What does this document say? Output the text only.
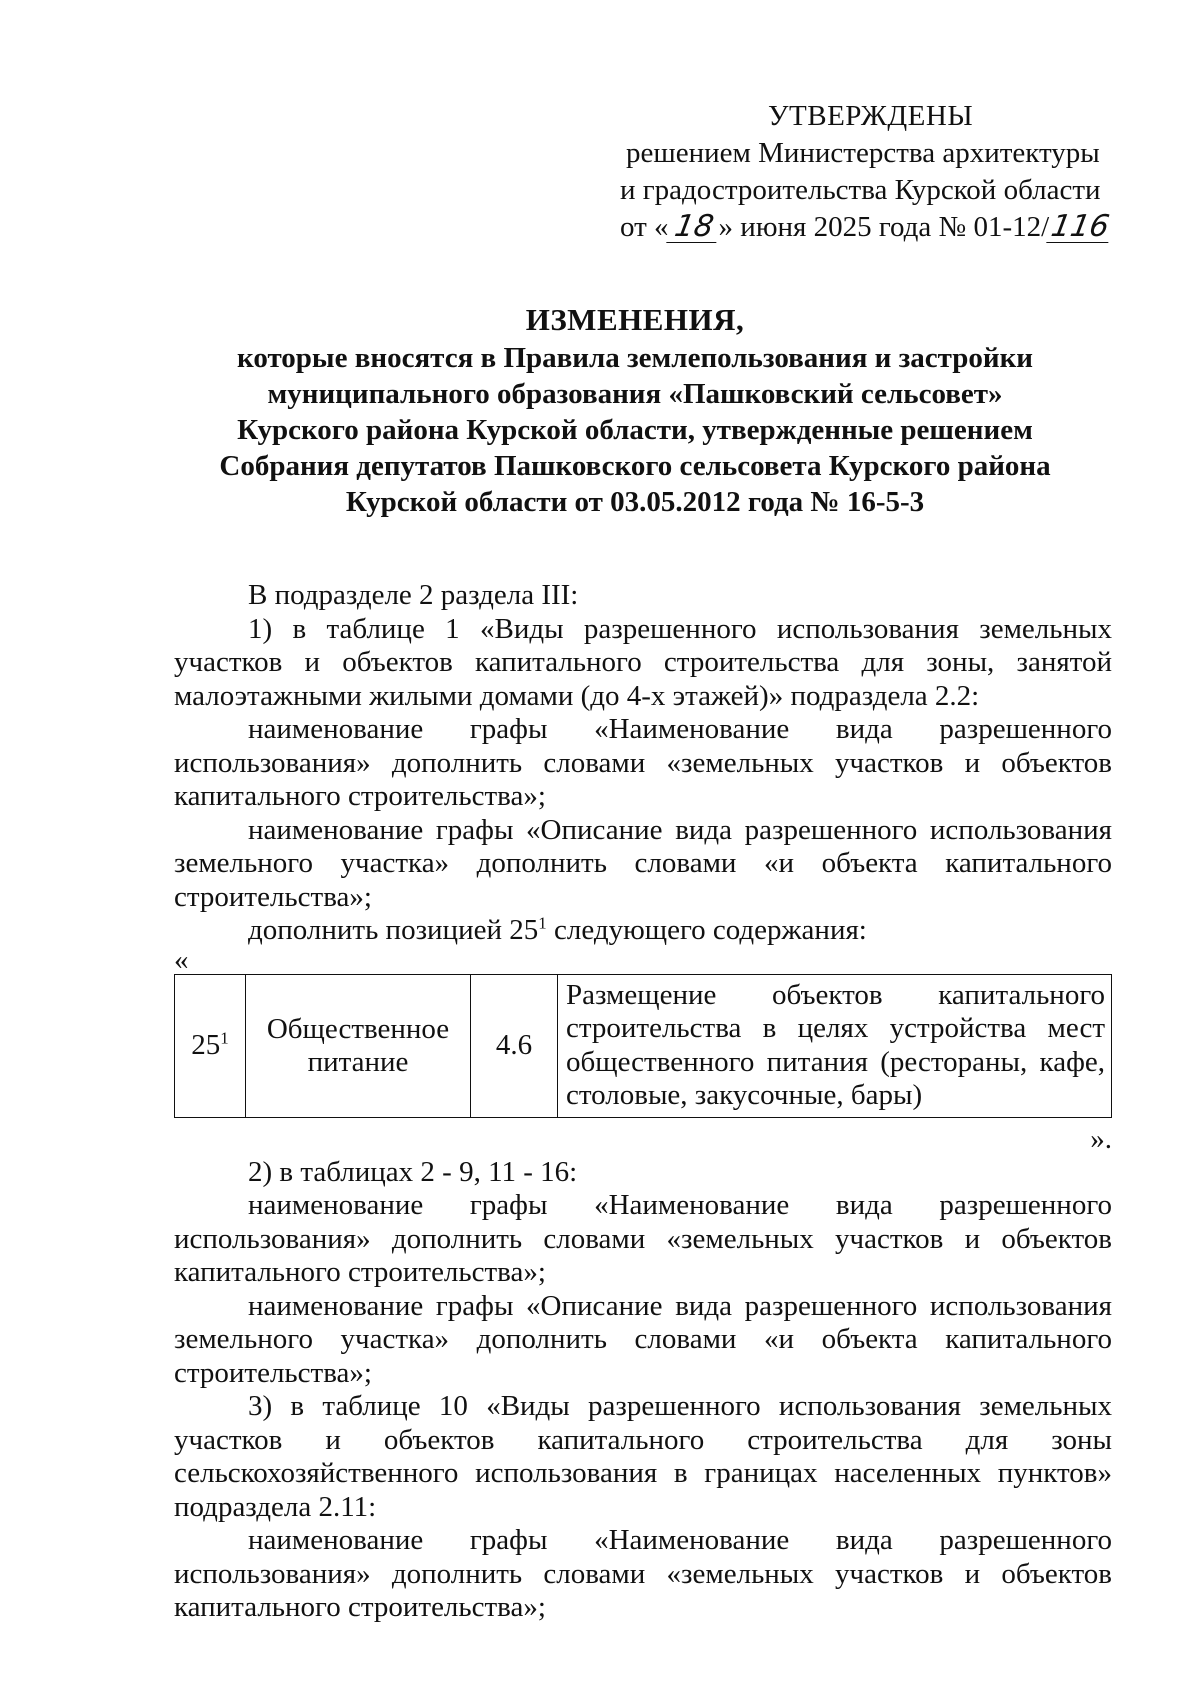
УТВЕРЖДЕНЫ
решением Министерства архитектуры
и градостроительства Курской области
от «18» июня 2025 года № 01-12/116
ИЗМЕНЕНИЯ,
которые вносятся в Правила землепользования и застройки
муниципального образования «Пашковский сельсовет»
Курского района Курской области, утвержденные решением
Собрания депутатов Пашковского сельсовета Курского района
Курской области от 03.05.2012 года № 16-5-3

В подразделе 2 раздела III:

1) в таблице 1 «Виды разрешенного использования земельных участков и объектов капитального строительства для зоны, занятой малоэтажными жилыми домами (до 4-х этажей)» подраздела 2.2:

наименование графы «Наименование вида разрешенного использования» дополнить словами «земельных участков и объектов капитального строительства»;

наименование графы «Описание вида разрешенного использования земельного участка» дополнить словами «и объекта капитального строительства»;

дополнить позицией $25^1$ следующего содержания:

«
$25^1$	Общественное питание	4.6	Размещение объектов капитального строительства в целях устройства мест общественного питания (рестораны, кафе, столовые, закусочные, бары)
».

2) в таблицах 2 - 9, 11 - 16:

наименование графы «Наименование вида разрешенного использования» дополнить словами «земельных участков и объектов капитального строительства»;

наименование графы «Описание вида разрешенного использования земельного участка» дополнить словами «и объекта капитального строительства»;

3) в таблице 10 «Виды разрешенного использования земельных участков и объектов капитального строительства для зоны сельскохозяйственного использования в границах населенных пунктов» подраздела 2.11:

наименование графы «Наименование вида разрешенного использования» дополнить словами «земельных участков и объектов капитального строительства»;
